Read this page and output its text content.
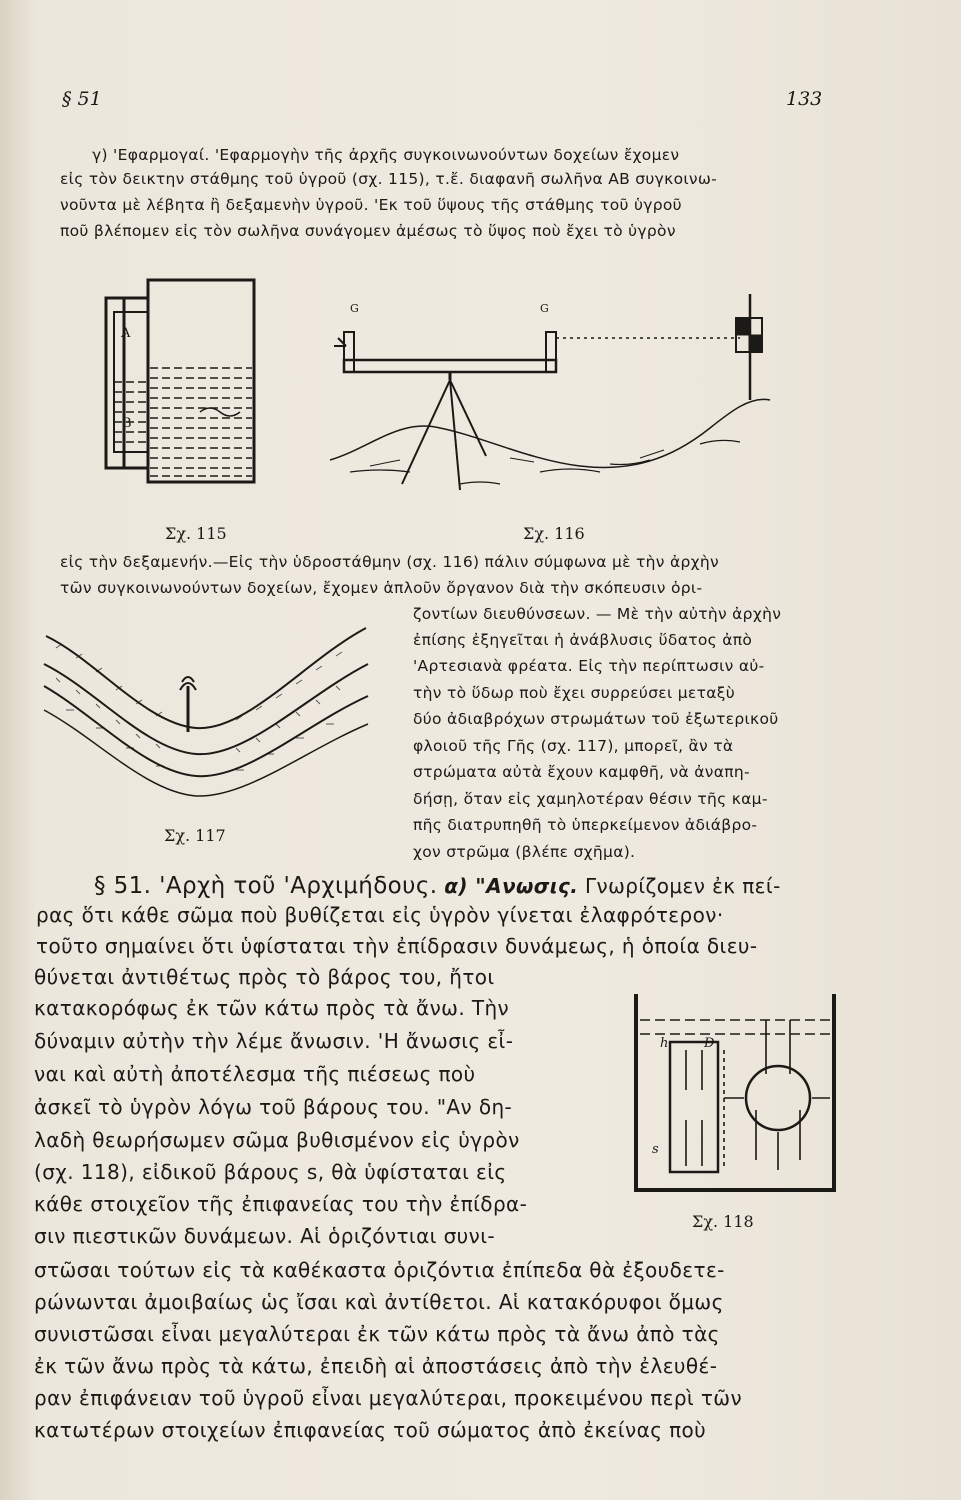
§ 51	133
γ) 'Εφαρμογαί. 'Εφαρμογὴν τῆς ἀρχῆς συγκοινωνούντων δοχείων ἔχομεν
εἰς τὸν δεικτην στάθμης τοῦ ὑγροῦ (σχ. 115), τ.ἔ. διαφανῆ σωλῆνα ΑΒ συγκοινω-
νοῦντα μὲ λέβητα ἢ δεξαμενὴν ὑγροῦ. 'Εκ τοῦ ὕψους τῆς στάθμης τοῦ ὑγροῦ
ποῦ βλέπομεν εἰς τὸν σωλῆνα συνάγομεν ἀμέσως τὸ ὕψος ποὺ ἔχει τὸ ὑγρὸν
A
B
G	G
Σχ. 115	Σχ. 116
εἰς τὴν δεξαμενήν.—Εἰς τὴν ὑδροστάθμην (σχ. 116) πάλιν σύμφωνα μὲ τὴν ἀρχὴν
τῶν συγκοινωνούντων δοχείων, ἔχομεν ἁπλοῦν ὄργανον διὰ τὴν σκόπευσιν ὁρι-
Σχ. 117
ζοντίων διευθύνσεων. — Μὲ τὴν αὐτὴν ἀρχὴν
ἐπίσης ἐξηγεῖται ἡ ἀνάβλυσις ὕδατος ἀπὸ
'Αρτεσιανὰ φρέατα. Εἰς τὴν περίπτωσιν αὐ-
τὴν τὸ ὕδωρ ποὺ ἔχει συρρεύσει μεταξὺ
δύο ἀδιαβρόχων στρωμάτων τοῦ ἐξωτερικοῦ
φλοιοῦ τῆς Γῆς (σχ. 117), μπορεῖ, ἂν τὰ
στρώματα αὐτὰ ἔχουν καμφθῆ, νὰ ἀναπη-
δήσῃ, ὅταν εἰς χαμηλοτέραν θέσιν τῆς καμ-
πῆς διατρυπηθῆ τὸ ὑπερκείμενον ἀδιάβρο-
χον στρῶμα (βλέπε σχῆμα).
§ 51. 'Αρχὴ τοῦ 'Αρχιμήδους. α) "Ανωσις. Γνωρίζομεν ἐκ πεί-
ρας ὅτι κάθε σῶμα ποὺ βυθίζεται εἰς ὑγρὸν γίνεται ἐλαφρότερον·
τοῦτο σημαίνει ὅτι ὑφίσταται τὴν ἐπίδρασιν δυνάμεως, ἡ ὁποία διευ-
θύνεται ἀντιθέτως πρὸς τὸ βάρος του, ἤτοι
κατακορόφως ἐκ τῶν κάτω πρὸς τὰ ἄνω. Τὴν
δύναμιν αὐτὴν τὴν λέμε ἄνωσιν. 'Η ἄνωσις εἶ-
ναι καὶ αὐτὴ ἀποτέλεσμα τῆς πιέσεως ποὺ
ἀσκεῖ τὸ ὑγρὸν λόγω τοῦ βάρους του. "Αν δη-
λαδὴ θεωρήσωμεν σῶμα βυθισμένον εἰς ὑγρὸν
(σχ. 118), εἰδικοῦ βάρους s, θὰ ὑφίσταται εἰς
κάθε στοιχεῖον τῆς ἐπιφανείας του τὴν ἐπίδρα-
σιν πιεστικῶν δυνάμεων. Αἱ ὁριζόντιαι συνι-
h	D
s
Σχ. 118
στῶσαι τούτων εἰς τὰ καθέκαστα ὁριζόντια ἐπίπεδα θὰ ἐξουδετε-
ρώνωνται ἀμοιβαίως ὡς ἴσαι καὶ ἀντίθετοι. Αἱ κατακόρυφοι ὅμως
συνιστῶσαι εἶναι μεγαλύτεραι ἐκ τῶν κάτω πρὸς τὰ ἄνω ἀπὸ τὰς
ἐκ τῶν ἄνω πρὸς τὰ κάτω, ἐπειδὴ αἱ ἀποστάσεις ἀπὸ τὴν ἐλευθέ-
ραν ἐπιφάνειαν τοῦ ὑγροῦ εἶναι μεγαλύτεραι, προκειμένου περὶ τῶν
κατωτέρων στοιχείων ἐπιφανείας τοῦ σώματος ἀπὸ ἐκείνας ποὺ
